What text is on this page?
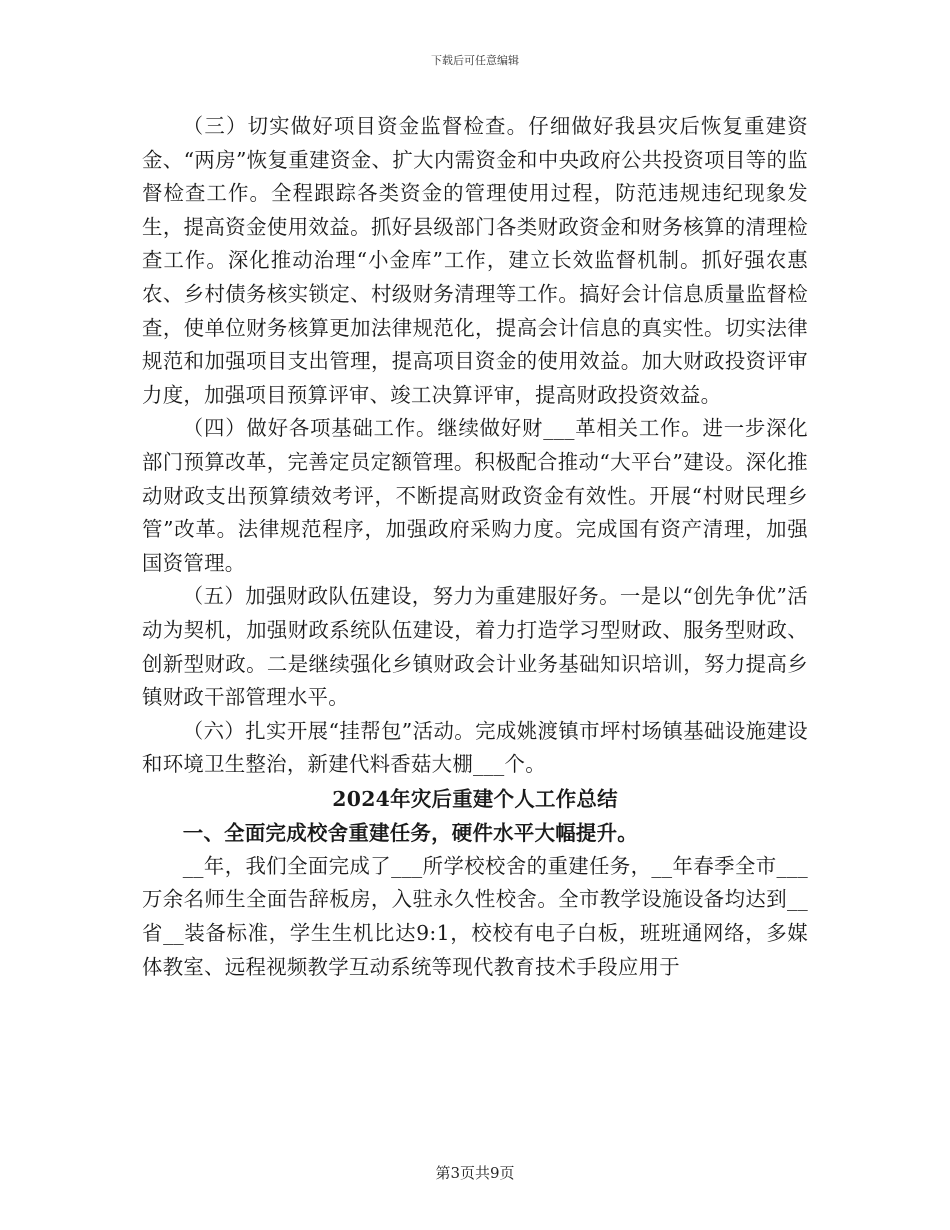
下载后可任意编辑

（三）切实做好项目资金监督检查。仔细做好我县灾后恢复重建资金、“两房”恢复重建资金、扩大内需资金和中央政府公共投资项目等的监督检查工作。全程跟踪各类资金的管理使用过程，防范违规违纪现象发生，提高资金使用效益。抓好县级部门各类财政资金和财务核算的清理检查工作。深化推动治理“小金库”工作，建立长效监督机制。抓好强农惠农、乡村债务核实锁定、村级财务清理等工作。搞好会计信息质量监督检查，使单位财务核算更加法律规范化，提高会计信息的真实性。切实法律规范和加强项目支出管理，提高项目资金的使用效益。加大财政投资评审力度，加强项目预算评审、竣工决算评审，提高财政投资效益。

（四）做好各项基础工作。继续做好财___革相关工作。进一步深化部门预算改革，完善定员定额管理。积极配合推动“大平台”建设。深化推动财政支出预算绩效考评，不断提高财政资金有效性。开展“村财民理乡管”改革。法律规范程序，加强政府采购力度。完成国有资产清理，加强国资管理。

（五）加强财政队伍建设，努力为重建服好务。一是以“创先争优”活动为契机，加强财政系统队伍建设，着力打造学习型财政、服务型财政、创新型财政。二是继续强化乡镇财政会计业务基础知识培训，努力提高乡镇财政干部管理水平。

（六）扎实开展“挂帮包”活动。完成姚渡镇市坪村场镇基础设施建设和环境卫生整治，新建代料香菇大棚___个。

2024年灾后重建个人工作总结

一、全面完成校舍重建任务，硬件水平大幅提升。

__年，我们全面完成了___所学校校舍的重建任务，__年春季全市___万余名师生全面告辞板房，入驻永久性校舍。全市教学设施设备均达到__省__装备标准，学生生机比达9:1，校校有电子白板，班班通网络，多媒体教室、远程视频教学互动系统等现代教育技术手段应用于

第3页共9页
